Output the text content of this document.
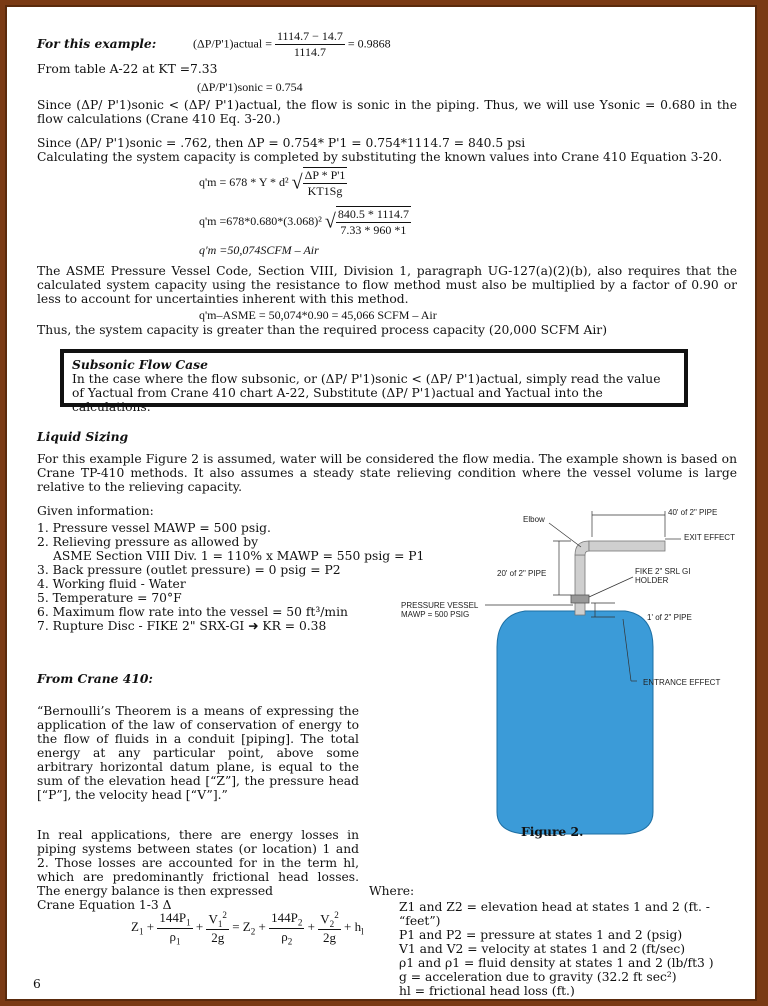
For this example:	(ΔP/P'1)actual = $\frac{1114.7 - 14.7}{1114.7} = 0.9868$
From table A-22 at KT =7.33
(ΔP/P'1)sonic = 0.754
Since (ΔP/ P'1)sonic < (ΔP/ P'1)actual, the flow is sonic in the piping. Thus, we will use Ysonic = 0.680 in the flow calculations (Crane 410 Eq. 3-20.)
Since (ΔP/ P'1)sonic = .762, then ΔP = 0.754* P'1 = 0.754*1114.7 = 840.5 psi
Calculating the system capacity is completed by substituting the known values into Crane 410 Equation 3-20.
q'm = 678 * Y * d² √ $\frac{\Delta P * P'1}{KT1Sg}$
q'm =678*0.680*(3.068)² √ $\frac{840.5 * 1114.7}{7.33 * 960 *1}$
q'm =50,074SCFM – Air
The ASME Pressure Vessel Code, Section VIII, Division 1, paragraph UG-127(a)(2)(b), also requires that the calculated system capacity using the resistance to flow method must also be multiplied by a factor of 0.90 or less to account for uncertainties inherent with this method.
q'm–ASME = 50,074*0.90 = 45,066 SCFM – Air
Thus, the system capacity is greater than the required process capacity (20,000 SCFM Air)
Subsonic Flow Case
In the case where the flow subsonic, or (ΔP/ P'1)sonic < (ΔP/ P'1)actual, simply read the value of Yactual from Crane 410 chart A-22, Substitute (ΔP/ P'1)actual and Yactual into the calculations.
Liquid Sizing
For this example Figure 2 is assumed, water will be considered the flow media. The example shown is based on Crane TP-410 methods. It also assumes a steady state relieving condition where the vessel volume is large relative to the relieving capacity.
Given information:
1. Pressure vessel MAWP = 500 psig.
2. Relieving pressure as allowed by
ASME Section VIII Div. 1 = 110% x MAWP = 550 psig = P1
3. Back pressure (outlet pressure) = 0 psig = P2
4. Working fluid - Water
5. Temperature = 70°F
6. Maximum flow rate into the vessel = 50 ft³/min
7. Rupture Disc - FIKE 2" SRX-GI ➜ KR = 0.38
Elbow
40' of 2" PIPE
EXIT EFFECT
20' of 2" PIPE	FIKE 2" SRL GI HOLDER
PRESSURE VESSEL MAWP = 500 PSIG	1' of 2" PIPE
ENTRANCE EFFECT
Figure 2.
From Crane 410:
“Bernoulli’s Theorem is a means of expressing the application of the law of conservation of energy to the flow of fluids in a conduit [piping]. The total energy at any particular point, above some arbitrary horizontal datum plane, is equal to the sum of the elevation head [“Z”], the pressure head [“P”], the velocity head [“V”].”
In real applications, there are energy losses in piping systems between states (or location) 1 and 2. Those losses are accounted for in the term hl, which are predominantly frictional head losses. The energy balance is then expressed
Crane Equation 1-3 Δ
$Z_1 + \frac{144P_1}{\rho_1} + \frac{V_1^2}{2g} = Z_2 + \frac{144P_2}{\rho_2} + \frac{V_2^2}{2g} + h_l$
Where:
Z1 and Z2 = elevation head at states 1 and 2 (ft. - “feet”)
P1 and P2 = pressure at states 1 and 2 (psig)
V1 and V2 = velocity at states 1 and 2 (ft/sec)
ρ1 and ρ1 = fluid density at states 1 and 2 (lb/ft3 )
g = acceleration due to gravity (32.2 ft sec²)
hl = frictional head loss (ft.)
6
